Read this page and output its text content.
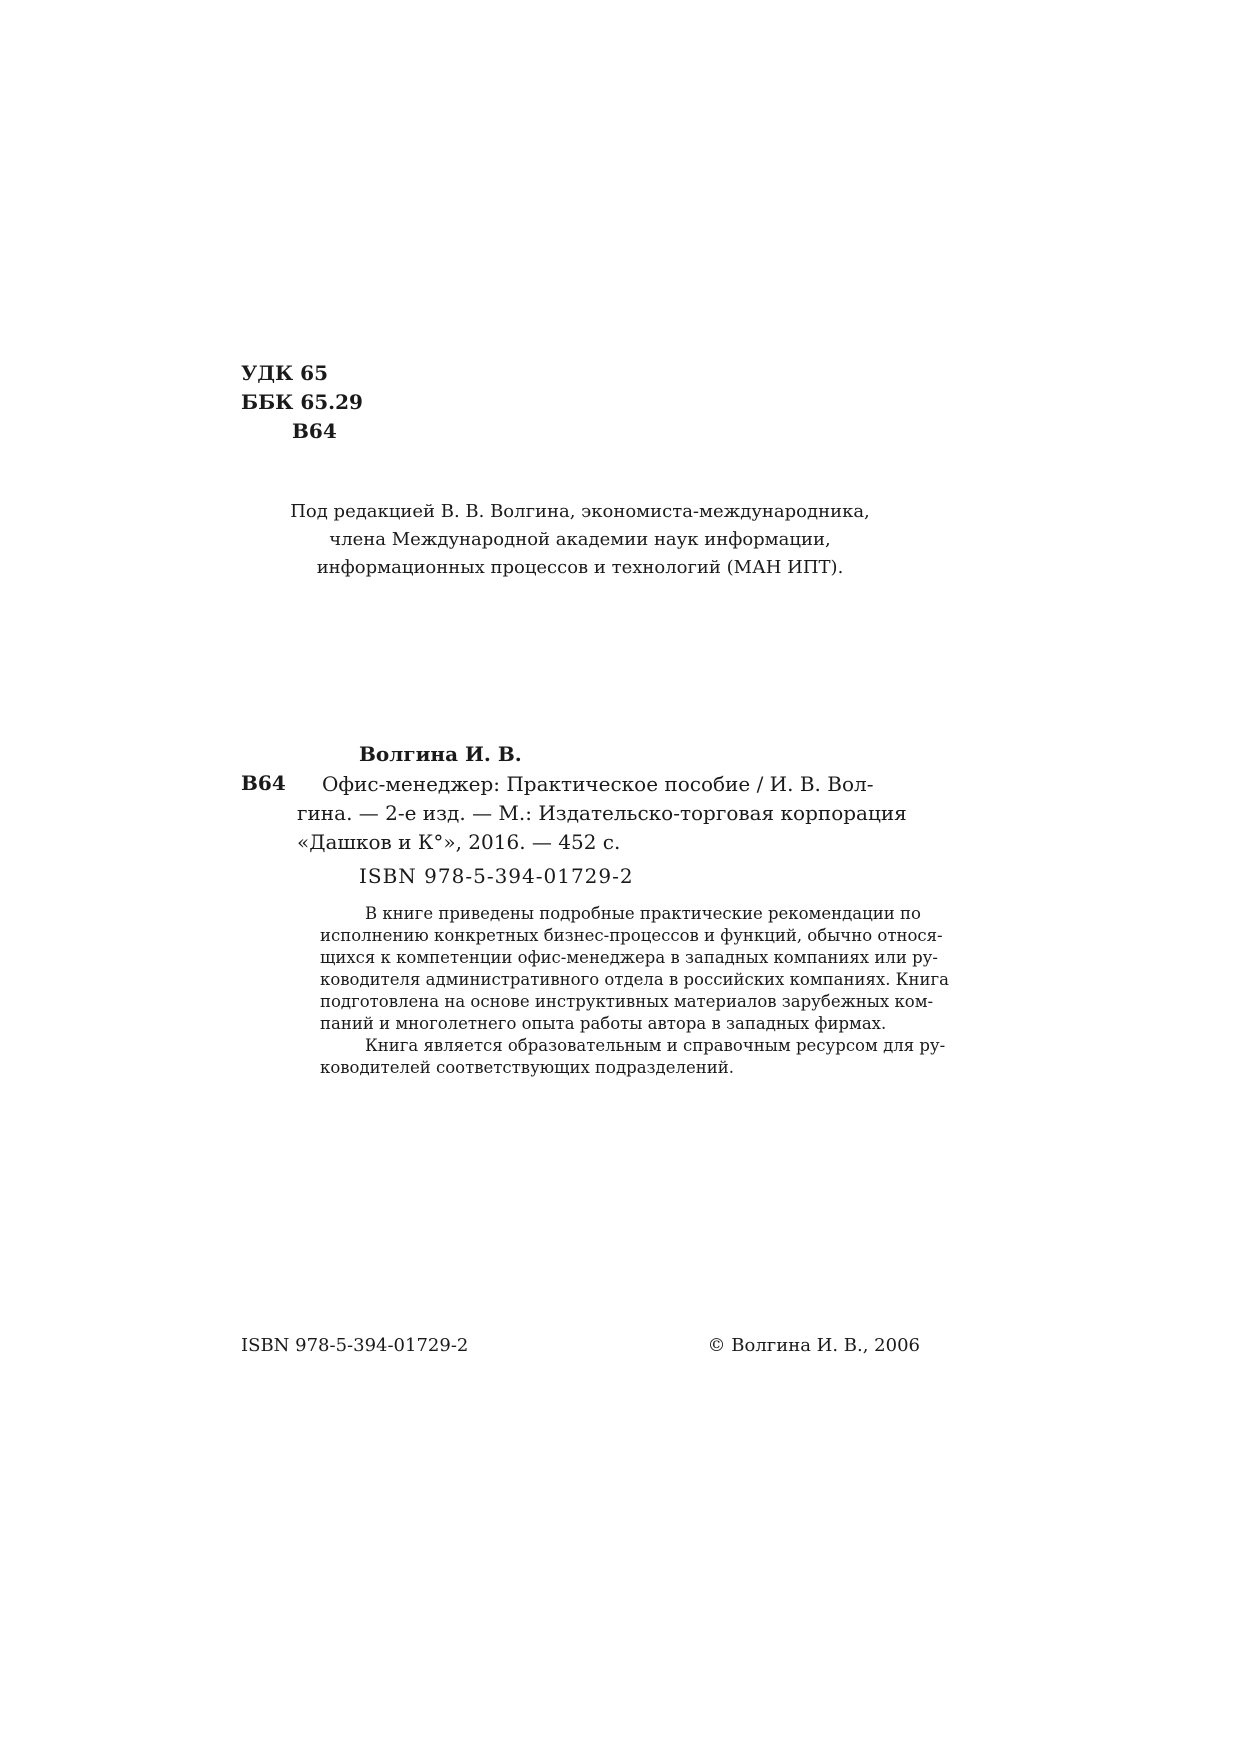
УДК 65
ББК 65.29
В64
Под редакцией В. В. Волгина, экономиста-международника,
члена Международной академии наук информации,
информационных процессов и технологий (МАН ИПТ).
Волгина И. В.
В64 Офис-менеджер: Практическое пособие / И. В. Вол-
гина. — 2-е изд. — М.: Издательско-торговая корпорация
«Дашков и К°», 2016. — 452 с.
ISBN 978-5-394-01729-2
В книге приведены подробные практические рекомендации по
исполнению конкретных бизнес-процессов и функций, обычно относя-
щихся к компетенции офис-менеджера в западных компаниях или ру-
ководителя административного отдела в российских компаниях. Книга
подготовлена на основе инструктивных материалов зарубежных ком-
паний и многолетнего опыта работы автора в западных фирмах.
Книга является образовательным и справочным ресурсом для ру-
ководителей соответствующих подразделений.
ISBN 978-5-394-01729-2	© Волгина И. В., 2006
